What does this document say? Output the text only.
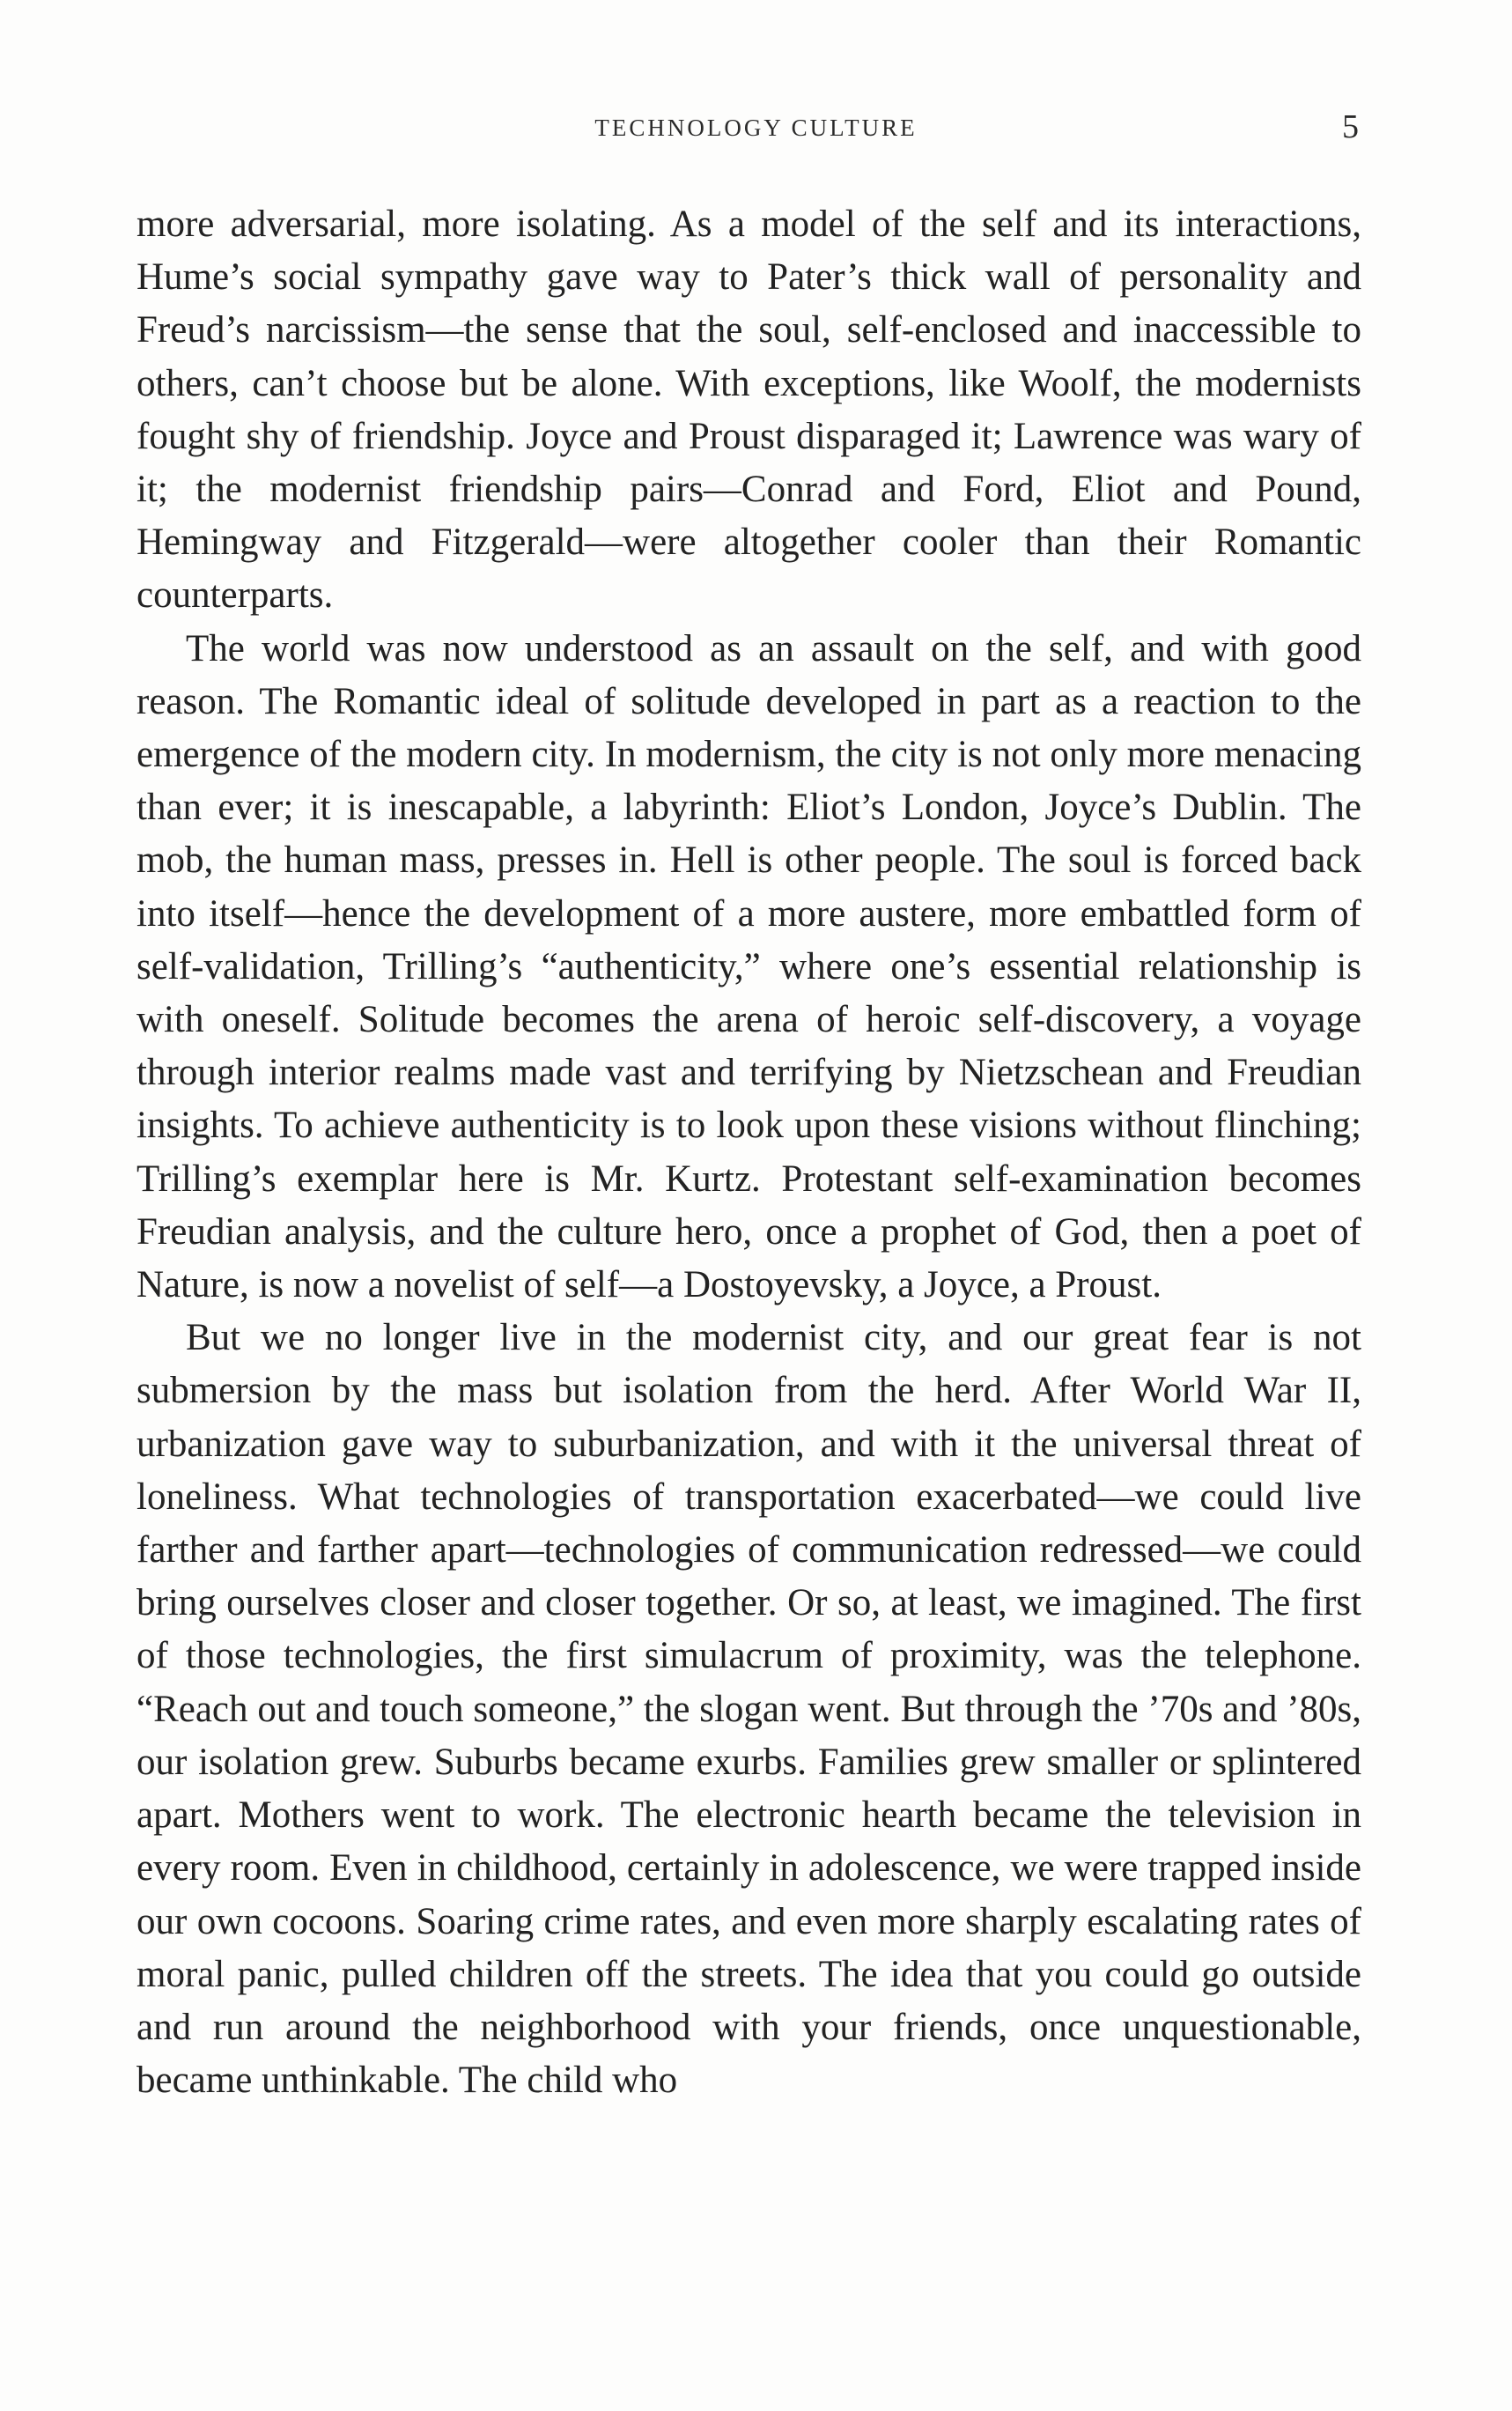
TECHNOLOGY CULTURE	5

more adversarial, more isolating. As a model of the self and its interactions, Hume’s social sympathy gave way to Pater’s thick wall of personality and Freud’s narcissism—the sense that the soul, self-enclosed and inaccessible to others, can’t choose but be alone. With exceptions, like Woolf, the modernists fought shy of friendship. Joyce and Proust disparaged it; Lawrence was wary of it; the modernist friendship pairs—Conrad and Ford, Eliot and Pound, Hemingway and Fitzgerald—were altogether cooler than their Romantic counterparts.

The world was now understood as an assault on the self, and with good reason. The Romantic ideal of solitude developed in part as a reaction to the emergence of the modern city. In modernism, the city is not only more menacing than ever; it is inescapable, a labyrinth: Eliot’s London, Joyce’s Dublin. The mob, the human mass, presses in. Hell is other people. The soul is forced back into itself—hence the development of a more austere, more embattled form of self-validation, Trilling’s “authenticity,” where one’s essential relationship is with oneself. Solitude becomes the arena of heroic self-discovery, a voyage through interior realms made vast and terrifying by Nietzschean and Freudian insights. To achieve authenticity is to look upon these visions without flinching; Trilling’s exemplar here is Mr. Kurtz. Protestant self-examination becomes Freudian analysis, and the culture hero, once a prophet of God, then a poet of Nature, is now a novelist of self—a Dostoyevsky, a Joyce, a Proust.

But we no longer live in the modernist city, and our great fear is not submersion by the mass but isolation from the herd. After World War II, urbanization gave way to suburbanization, and with it the universal threat of loneliness. What technologies of transportation exacerbated—we could live farther and farther apart—technologies of communication redressed—we could bring ourselves closer and closer together. Or so, at least, we imagined. The first of those technologies, the first simulacrum of proximity, was the telephone. “Reach out and touch someone,” the slogan went. But through the ’70s and ’80s, our isolation grew. Suburbs became exurbs. Families grew smaller or splintered apart. Mothers went to work. The electronic hearth became the television in every room. Even in childhood, certainly in adolescence, we were trapped inside our own cocoons. Soaring crime rates, and even more sharply escalating rates of moral panic, pulled children off the streets. The idea that you could go outside and run around the neighborhood with your friends, once unquestionable, became unthinkable. The child who
